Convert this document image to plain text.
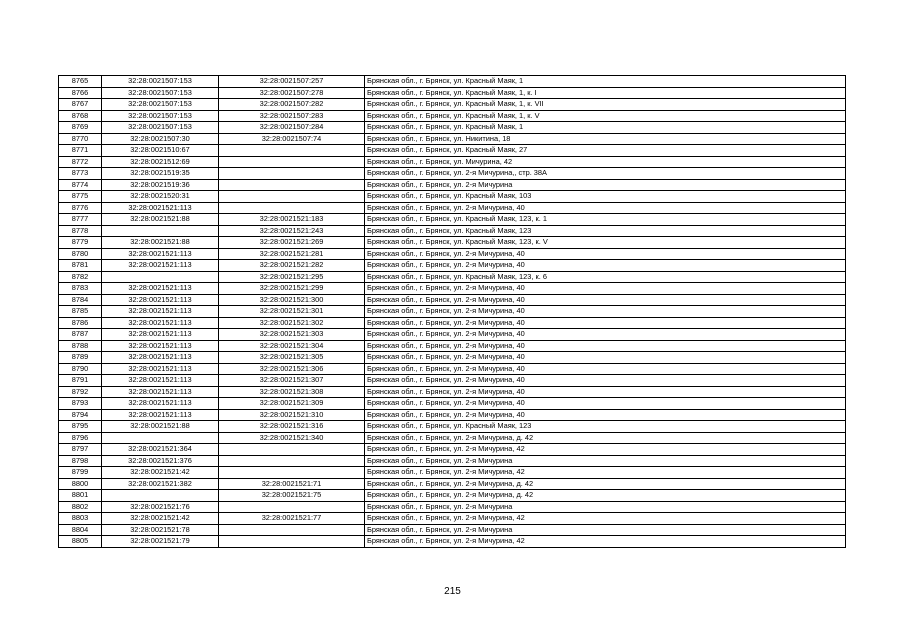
8765	32:28:0021507:153	32:28:0021507:257	Брянская обл., г. Брянск, ул. Красный Маяк, 1
8766	32:28:0021507:153	32:28:0021507:278	Брянская обл., г. Брянск, ул. Красный Маяк, 1, к. I
8767	32:28:0021507:153	32:28:0021507:282	Брянская обл., г. Брянск, ул. Красный Маяк, 1, к. VII
8768	32:28:0021507:153	32:28:0021507:283	Брянская обл., г. Брянск, ул. Красный Маяк, 1, к. V
8769	32:28:0021507:153	32:28:0021507:284	Брянская обл., г. Брянск, ул. Красный Маяк, 1
8770	32:28:0021507:30	32:28:0021507:74	Брянская обл., г. Брянск, ул. Никитина, 18
8771	32:28:0021510:67		Брянская обл., г. Брянск, ул. Красный Маяк, 27
8772	32:28:0021512:69		Брянская обл., г. Брянск, ул. Мичурина, 42
8773	32:28:0021519:35		Брянская обл., г. Брянск, ул. 2-я Мичурина,, стр. 38А
8774	32:28:0021519:36		Брянская обл., г. Брянск, ул. 2-я Мичурина
8775	32:28:0021520:31		Брянская обл., г. Брянск, ул. Красный Маяк, 103
8776	32:28:0021521:113		Брянская обл., г. Брянск, ул. 2-я Мичурина, 40
8777	32:28:0021521:88	32:28:0021521:183	Брянская обл., г. Брянск, ул. Красный Маяк, 123, к. 1
8778		32:28:0021521:243	Брянская обл., г. Брянск, ул. Красный Маяк, 123
8779	32:28:0021521:88	32:28:0021521:269	Брянская обл., г. Брянск, ул. Красный Маяк, 123, к. V
8780	32:28:0021521:113	32:28:0021521:281	Брянская обл., г. Брянск, ул. 2-я Мичурина, 40
8781	32:28:0021521:113	32:28:0021521:282	Брянская обл., г. Брянск, ул. 2-я Мичурина, 40
8782		32:28:0021521:295	Брянская обл., г. Брянск, ул. Красный Маяк, 123, к. 6
8783	32:28:0021521:113	32:28:0021521:299	Брянская обл., г. Брянск, ул. 2-я Мичурина, 40
8784	32:28:0021521:113	32:28:0021521:300	Брянская обл., г. Брянск, ул. 2-я Мичурина, 40
8785	32:28:0021521:113	32:28:0021521:301	Брянская обл., г. Брянск, ул. 2-я Мичурина, 40
8786	32:28:0021521:113	32:28:0021521:302	Брянская обл., г. Брянск, ул. 2-я Мичурина, 40
8787	32:28:0021521:113	32:28:0021521:303	Брянская обл., г. Брянск, ул. 2-я Мичурина, 40
8788	32:28:0021521:113	32:28:0021521:304	Брянская обл., г. Брянск, ул. 2-я Мичурина, 40
8789	32:28:0021521:113	32:28:0021521:305	Брянская обл., г. Брянск, ул. 2-я Мичурина, 40
8790	32:28:0021521:113	32:28:0021521:306	Брянская обл., г. Брянск, ул. 2-я Мичурина, 40
8791	32:28:0021521:113	32:28:0021521:307	Брянская обл., г. Брянск, ул. 2-я Мичурина, 40
8792	32:28:0021521:113	32:28:0021521:308	Брянская обл., г. Брянск, ул. 2-я Мичурина, 40
8793	32:28:0021521:113	32:28:0021521:309	Брянская обл., г. Брянск, ул. 2-я Мичурина, 40
8794	32:28:0021521:113	32:28:0021521:310	Брянская обл., г. Брянск, ул. 2-я Мичурина, 40
8795	32:28:0021521:88	32:28:0021521:316	Брянская обл., г. Брянск, ул. Красный Маяк, 123
8796		32:28:0021521:340	Брянская обл., г. Брянск, ул. 2-я Мичурина, д. 42
8797	32:28:0021521:364		Брянская обл., г. Брянск, ул. 2-я Мичурина, 42
8798	32:28:0021521:376		Брянская обл., г. Брянск, ул. 2-я Мичурина
8799	32:28:0021521:42		Брянская обл., г. Брянск, ул. 2-я Мичурина, 42
8800	32:28:0021521:382	32:28:0021521:71	Брянская обл., г. Брянск, ул. 2-я Мичурина, д. 42
8801		32:28:0021521:75	Брянская обл., г. Брянск, ул. 2-я Мичурина, д. 42
8802	32:28:0021521:76		Брянская обл., г. Брянск, ул. 2-я Мичурина
8803	32:28:0021521:42	32:28:0021521:77	Брянская обл., г. Брянск, ул. 2-я Мичурина, 42
8804	32:28:0021521:78		Брянская обл., г. Брянск, ул. 2-я Мичурина
8805	32:28:0021521:79		Брянская обл., г. Брянск, ул. 2-я Мичурина, 42
215
